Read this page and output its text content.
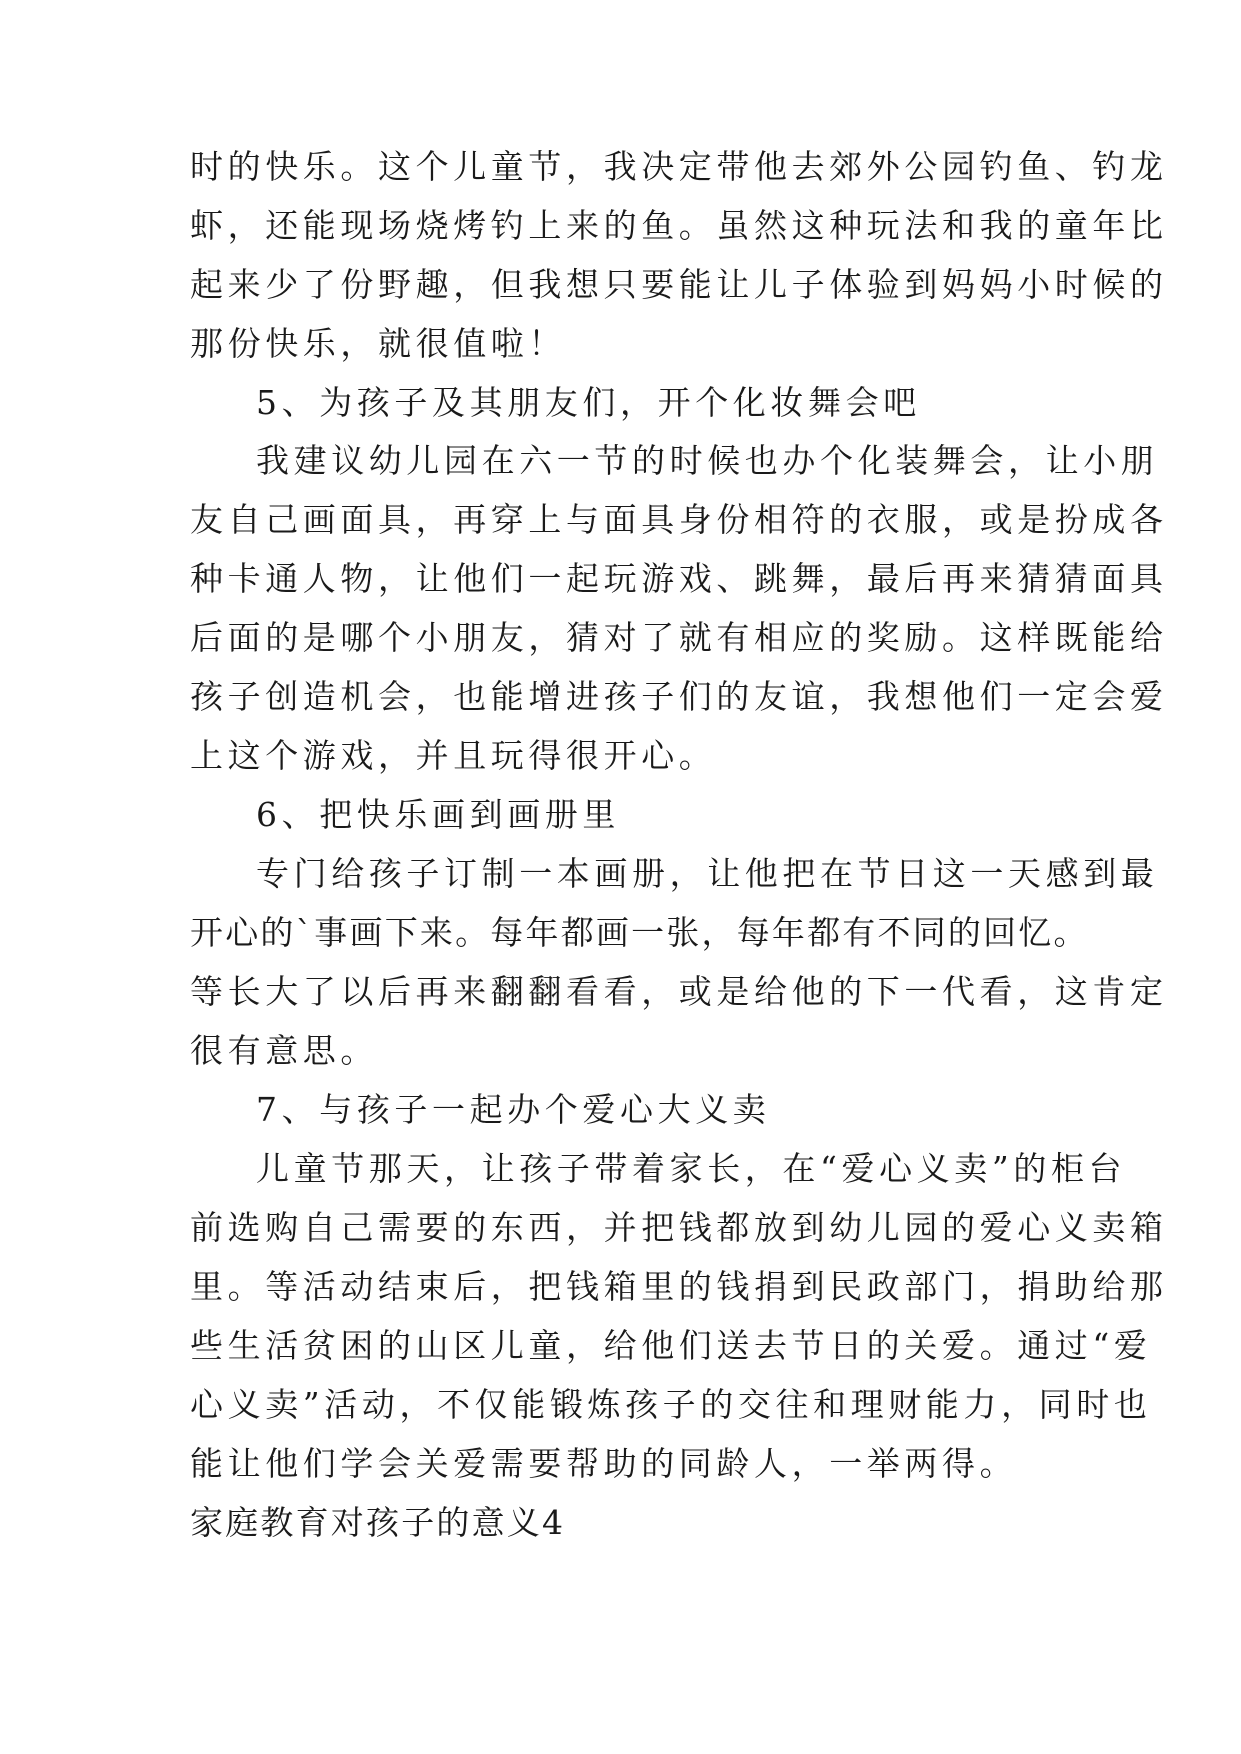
时的快乐。这个儿童节，我决定带他去郊外公园钓鱼、钓龙
虾，还能现场烧烤钓上来的鱼。虽然这种玩法和我的童年比
起来少了份野趣，但我想只要能让儿子体验到妈妈小时候的
那份快乐，就很值啦！
5、为孩子及其朋友们，开个化妆舞会吧
我建议幼儿园在六一节的时候也办个化装舞会，让小朋
友自己画面具，再穿上与面具身份相符的衣服，或是扮成各
种卡通人物，让他们一起玩游戏、跳舞，最后再来猜猜面具
后面的是哪个小朋友，猜对了就有相应的奖励。这样既能给
孩子创造机会，也能增进孩子们的友谊，我想他们一定会爱
上这个游戏，并且玩得很开心。
6、把快乐画到画册里
专门给孩子订制一本画册，让他把在节日这一天感到最
开心的`事画下来。每年都画一张，每年都有不同的回忆。
等长大了以后再来翻翻看看，或是给他的下一代看，这肯定
很有意思。
7、与孩子一起办个爱心大义卖
儿童节那天，让孩子带着家长，在“爱心义卖”的柜台
前选购自己需要的东西，并把钱都放到幼儿园的爱心义卖箱
里。等活动结束后，把钱箱里的钱捐到民政部门，捐助给那
些生活贫困的山区儿童，给他们送去节日的关爱。通过“爱
心义卖”活动，不仅能锻炼孩子的交往和理财能力，同时也
能让他们学会关爱需要帮助的同龄人，一举两得。
家庭教育对孩子的意义4
